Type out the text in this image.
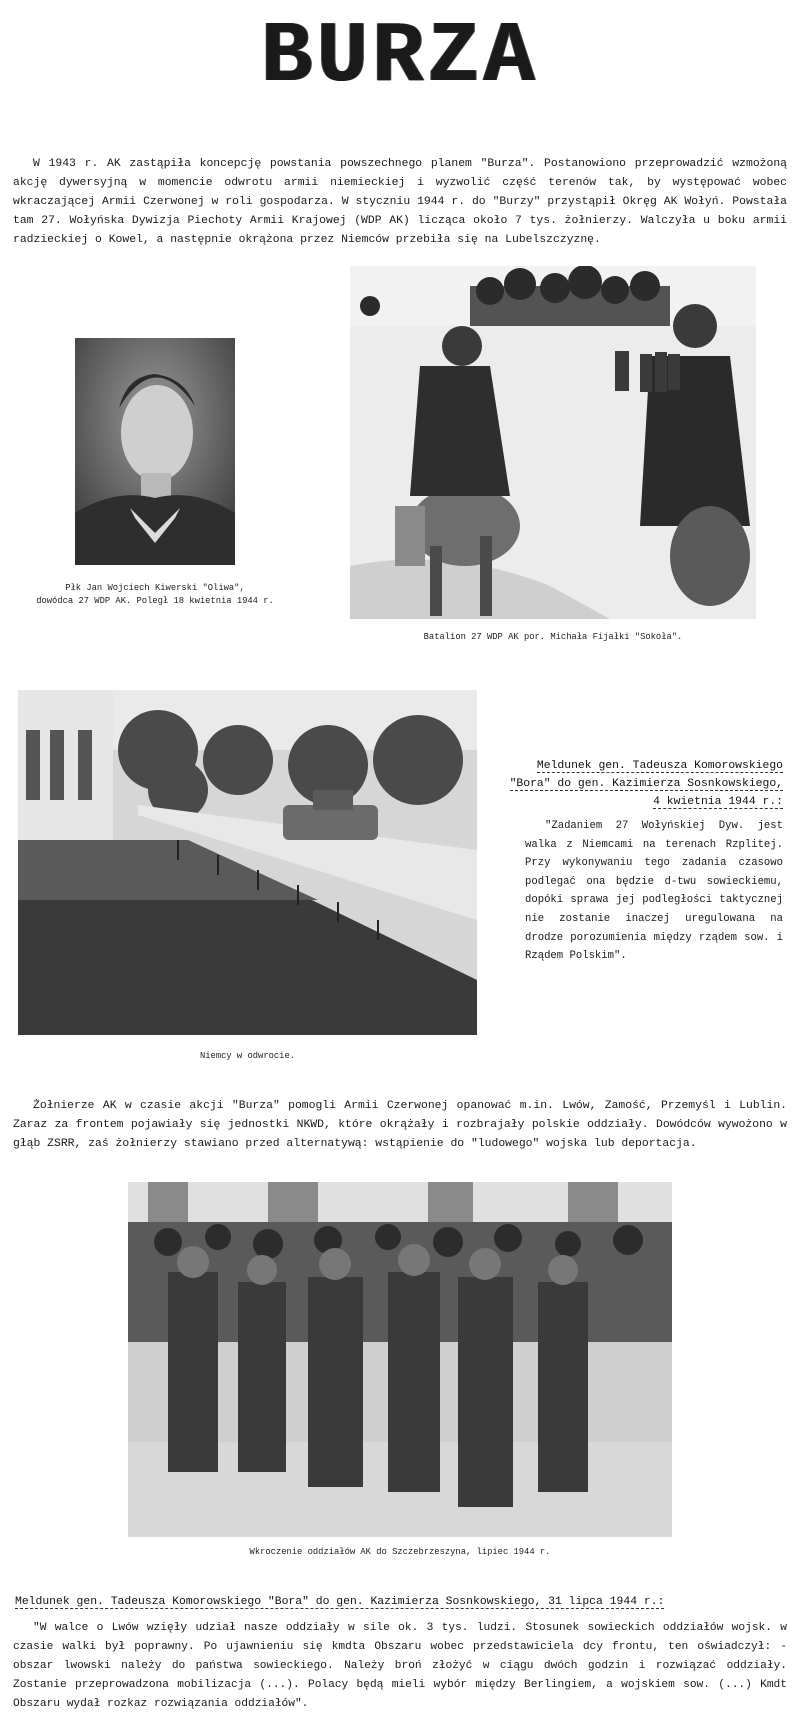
BURZA
W 1943 r. AK zastąpiła koncepcję powstania powszechnego planem "Burza". Postanowiono przeprowadzić wzmożoną akcję dywersyjną w momencie odwrotu armii niemieckiej i wyzwolić część terenów tak, by występować wobec wkraczającej Armii Czerwonej w roli gospodarza. W styczniu 1944 r. do "Burzy" przystąpił Okręg AK Wołyń. Powstała tam 27. Wołyńska Dywizja Piechoty Armii Krajowej (WDP AK) licząca około 7 tys. żołnierzy. Walczyła u boku armii radzieckiej o Kowel, a następnie okrążona przez Niemców przebiła się na Lubelszczyznę.
Płk Jan Wojciech Kiwerski "Oliwa",
dowódca 27 WDP AK. Poległ 18 kwietnia 1944 r.
Batalion 27 WDP AK por. Michała Fijałki "Sokoła".
Niemcy w odwrocie.
Meldunek gen. Tadeusza Komorowskiego
"Bora" do gen. Kazimierza Sosnkowskiego,
4 kwietnia 1944 r.:
"Zadaniem 27 Wołyńskiej Dyw. jest walka z Niemcami na terenach Rzplitej. Przy wykonywaniu tego zadania czasowo podlegać ona będzie d-twu sowieckiemu, dopóki sprawa jej podległości taktycznej nie zostanie inaczej uregulowana na drodze porozumienia między rządem sow. i Rządem Polskim".
Żołnierze AK w czasie akcji "Burza" pomogli Armii Czerwonej opanować m.in. Lwów, Zamość, Przemyśl i Lublin. Zaraz za frontem pojawiały się jednostki NKWD, które okrążały i rozbrajały polskie oddziały. Dowódców wywożono w głąb ZSRR, zaś żołnierzy stawiano przed alternatywą: wstąpienie do "ludowego" wojska lub deportacja.
Wkroczenie oddziałów AK do Szczebrzeszyna, lipiec 1944 r.
Meldunek gen. Tadeusza Komorowskiego "Bora" do gen. Kazimierza Sosnkowskiego, 31 lipca 1944 r.:
"W walce o Lwów wzięły udział nasze oddziały w sile ok. 3 tys. ludzi. Stosunek sowieckich oddziałów wojsk. w czasie walki był poprawny. Po ujawnieniu się kmdta Obszaru wobec przedstawiciela dcy frontu, ten oświadczył: - obszar lwowski należy do państwa sowieckiego. Należy broń złożyć w ciągu dwóch godzin i rozwiązać oddziały. Zostanie przeprowadzona mobilizacja (...). Polacy będą mieli wybór między Berlingiem, a wojskiem sow. (...) Kmdt Obszaru wydał rozkaz rozwiązania oddziałów".
